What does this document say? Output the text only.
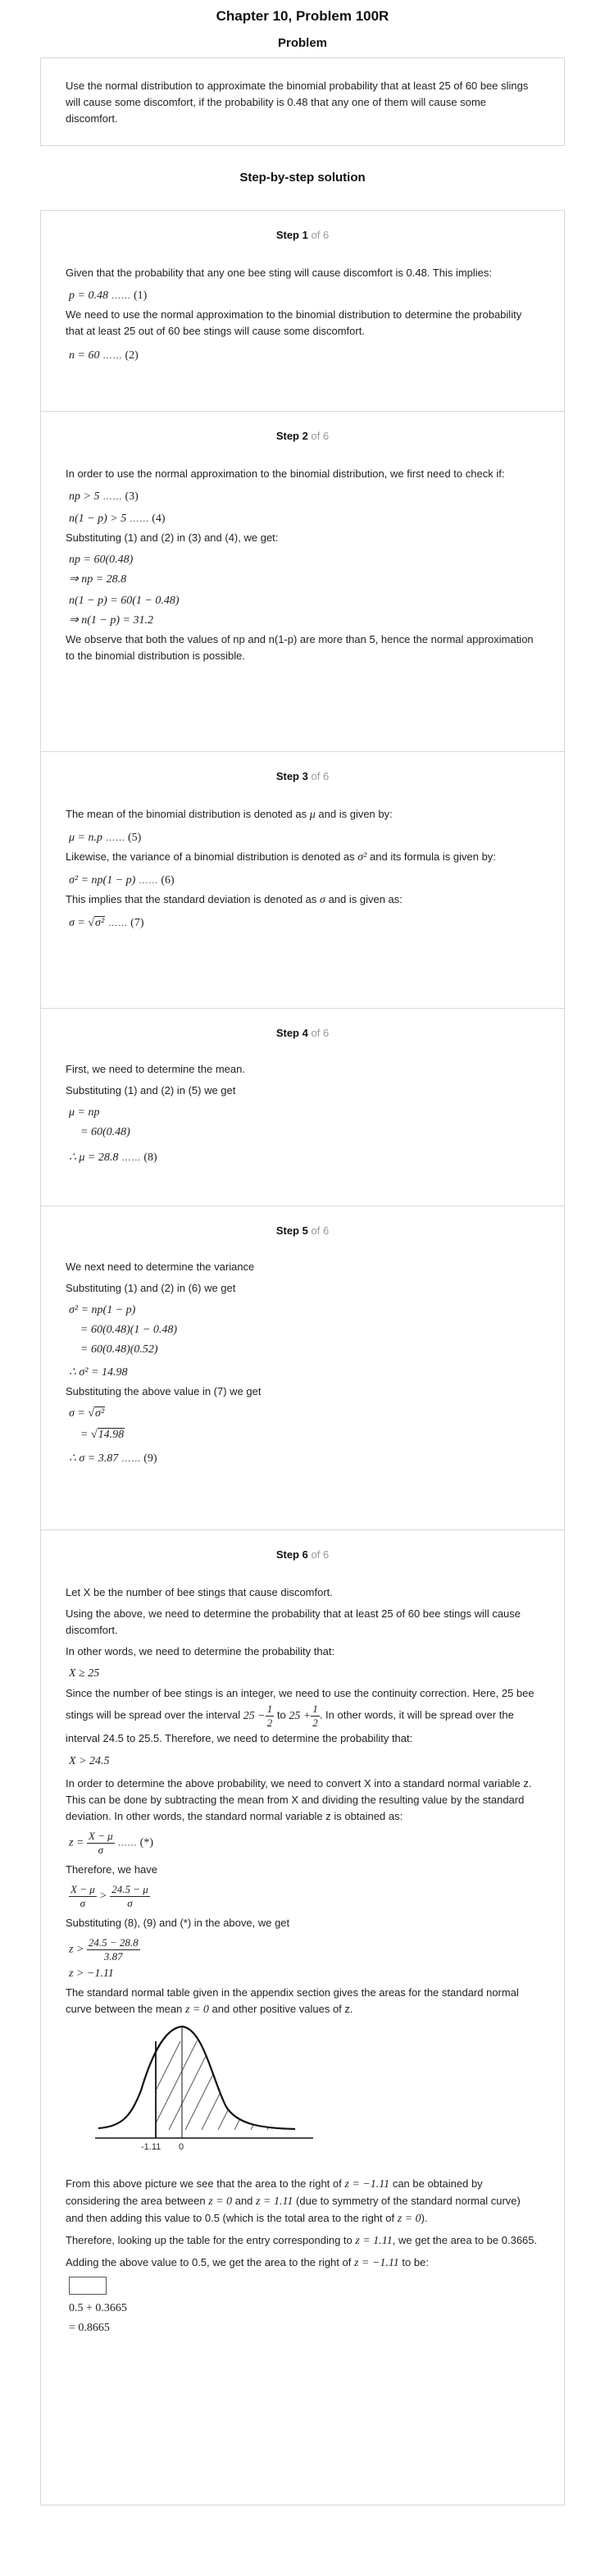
Chapter 10, Problem 100R
Problem
Use the normal distribution to approximate the binomial probability that at least 25 of 60 bee slings will cause some discomfort, if the probability is 0.48 that any one of them will cause some discomfort.
Step-by-step solution
Step 1 of 6
Given that the probability that any one bee sting will cause discomfort is 0.48. This implies:
p = 0.48 …… (1)
We need to use the normal approximation to the binomial distribution to determine the probability that at least 25 out of 60 bee stings will cause some discomfort.
n = 60 …… (2)
Step 2 of 6
In order to use the normal approximation to the binomial distribution, we first need to check if:
np > 5 …… (3)
n(1 − p) > 5 …… (4)
Substituting (1) and (2) in (3) and (4), we get:
np = 60(0.48)
⇒ np = 28.8
n(1 − p) = 60(1 − 0.48)
⇒ n(1 − p) = 31.2
We observe that both the values of np and n(1-p) are more than 5, hence the normal approximation to the binomial distribution is possible.
Step 3 of 6
The mean of the binomial distribution is denoted as μ and is given by:
μ = n.p …… (5)
Likewise, the variance of a binomial distribution is denoted as σ² and its formula is given by:
σ² = np(1 − p) …… (6)
This implies that the standard deviation is denoted as σ and is given as:
σ = √σ² …… (7)
Step 4 of 6
First, we need to determine the mean.
Substituting (1) and (2) in (5) we get
μ = np
= 60(0.48)
∴ μ = 28.8 …… (8)
Step 5 of 6
We next need to determine the variance
Substituting (1) and (2) in (6) we get
σ² = np(1 − p)
= 60(0.48)(1 − 0.48)
= 60(0.48)(0.52)
∴ σ² = 14.98
Substituting the above value in (7) we get
σ = √σ²
= √14.98
∴ σ = 3.87 …… (9)
Step 6 of 6
Let X be the number of bee stings that cause discomfort.
Using the above, we need to determine the probability that at least 25 of 60 bee stings will cause discomfort.
In other words, we need to determine the probability that:
X ≥ 25
Since the number of bee stings is an integer, we need to use the continuity correction. Here, 25 bee stings will be spread over the interval $25 - \frac{1}{2}$ to $25 + \frac{1}{2}$ . In other words, it will be spread over the interval 24.5 to 25.5. Therefore, we need to determine the probability that:
X > 24.5
In order to determine the above probability, we need to convert X into a standard normal variable z. This can be done by subtracting the mean from X and dividing the resulting value by the standard deviation. In other words, the standard normal variable z is obtained as:
$z = \frac{X - \mu}{\sigma}$ …… (*)
Therefore, we have
$\frac{X - \mu}{\sigma} > \frac{24.5 - \mu}{\sigma}$
Substituting (8), (9) and (*) in the above, we get
$z > \frac{24.5 - 28.8}{3.87}$
z > −1.11
The standard normal table given in the appendix section gives the areas for the standard normal curve between the mean z = 0 and other positive values of z.
-1.11 0
From this above picture we see that the area to the right of z = −1.11 can be obtained by considering the area between z = 0 and z = 1.11 (due to symmetry of the standard normal curve) and then adding this value to 0.5 (which is the total area to the right of z = 0).
Therefore, looking up the table for the entry corresponding to z = 1.11, we get the area to be 0.3665.
Adding the above value to 0.5, we get the area to the right of z = −1.11 to be:
0.5 + 0.3665
= 0.8665
